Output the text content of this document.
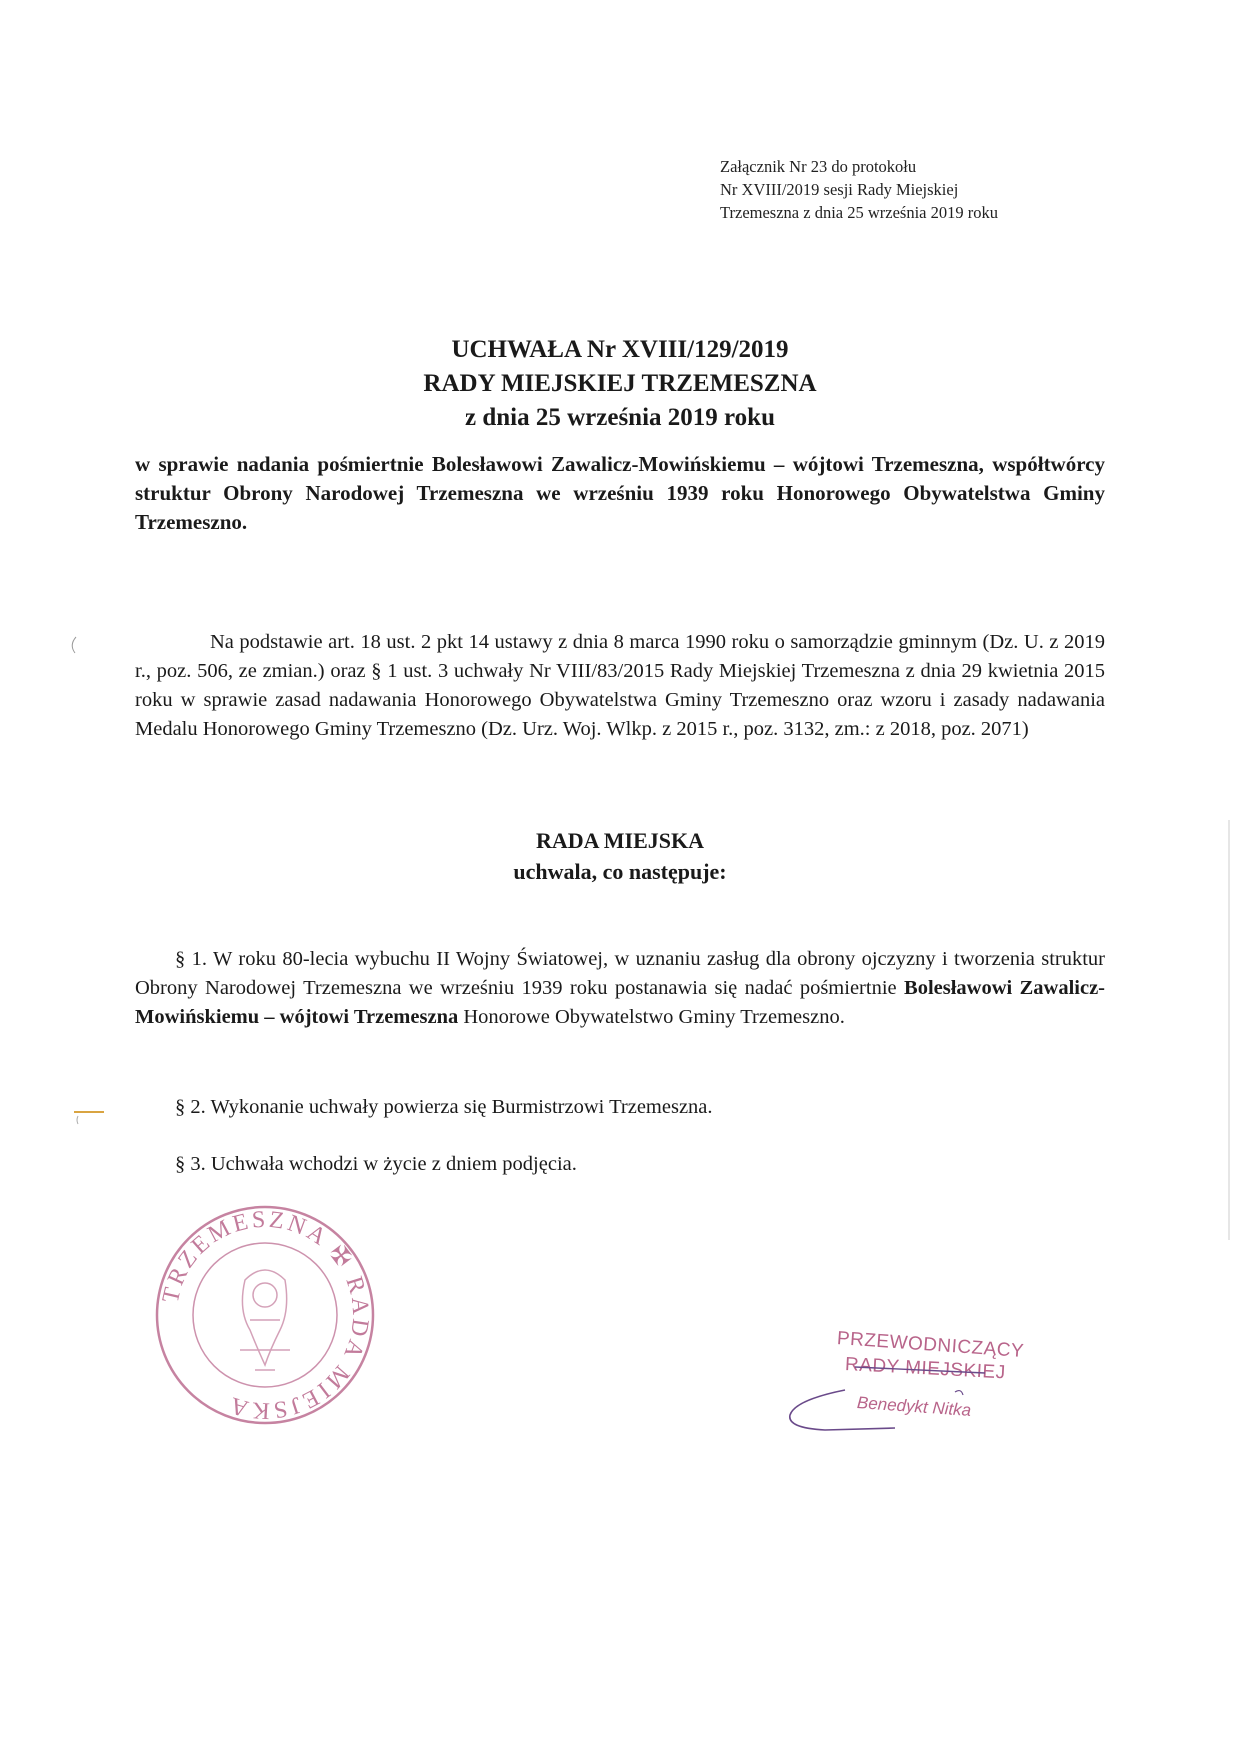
Załącznik Nr 23 do protokołu
Nr XVIII/2019 sesji Rady Miejskiej
Trzemeszna z dnia 25 września 2019 roku
UCHWAŁA Nr XVIII/129/2019
RADY MIEJSKIEJ TRZEMESZNA
z dnia 25 września 2019 roku
w sprawie nadania pośmiertnie Bolesławowi Zawalicz-Mowińskiemu – wójtowi Trzemeszna, współtwórcy struktur Obrony Narodowej Trzemeszna we wrześniu 1939 roku Honorowego Obywatelstwa Gminy Trzemeszno.
Na podstawie art. 18 ust. 2 pkt 14 ustawy z dnia 8 marca 1990 roku o samorządzie gminnym (Dz. U. z 2019 r., poz. 506, ze zmian.) oraz § 1 ust. 3 uchwały Nr VIII/83/2015 Rady Miejskiej Trzemeszna z dnia 29 kwietnia 2015 roku w sprawie zasad nadawania Honorowego Obywatelstwa Gminy Trzemeszno oraz wzoru i zasady nadawania Medalu Honorowego Gminy Trzemeszno (Dz. Urz. Woj. Wlkp. z 2015 r., poz. 3132, zm.: z 2018, poz. 2071)
RADA MIEJSKA
uchwala, co następuje:
§ 1. W roku 80-lecia wybuchu II Wojny Światowej, w uznaniu zasług dla obrony ojczyzny i tworzenia struktur Obrony Narodowej Trzemeszna we wrześniu 1939 roku postanawia się nadać pośmiertnie Bolesławowi Zawalicz-Mowińskiemu – wójtowi Trzemeszna Honorowe Obywatelstwo Gminy Trzemeszno.
§ 2. Wykonanie uchwały powierza się Burmistrzowi Trzemeszna.
§ 3. Uchwała wchodzi w życie z dniem podjęcia.
TRZEMESZNA ✠ RADA MIEJSKA
PRZEWODNICZĄCY
RADY MIEJSKIEJ
Benedykt Nitka
